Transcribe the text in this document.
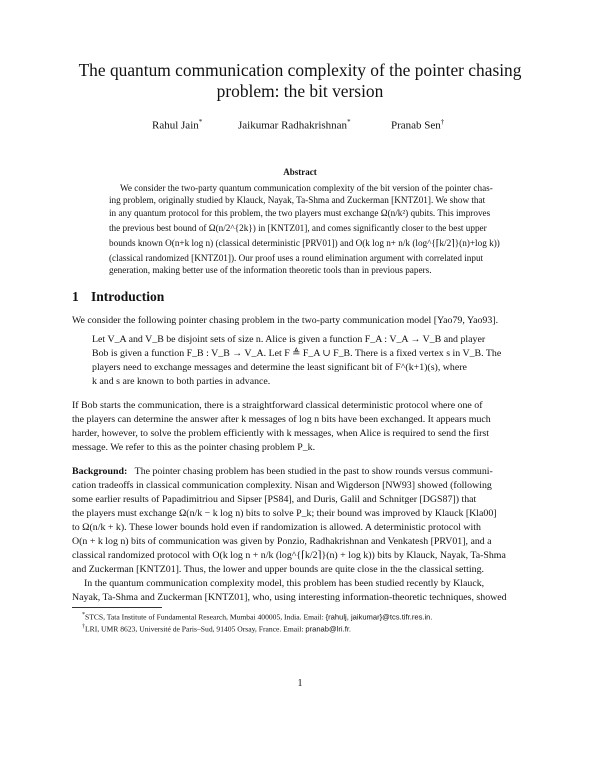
The quantum communication complexity of the pointer chasing
problem: the bit version
Rahul Jain*	Jaikumar Radhakrishnan*	Pranab Sen†
Abstract
We consider the two-party quantum communication complexity of the bit version of the pointer chas-
ing problem, originally studied by Klauck, Nayak, Ta-Shma and Zuckerman [KNTZ01]. We show that
in any quantum protocol for this problem, the two players must exchange Ω(n/k²) qubits. This improves
the previous best bound of Ω(n/2^{2k}) in [KNTZ01], and comes significantly closer to the best upper
bounds known O(n+k log n) (classical deterministic [PRV01]) and O(k log n+ n/k (log^{⌈k/2⌉}(n)+log k))
(classical randomized [KNTZ01]). Our proof uses a round elimination argument with correlated input
generation, making better use of the information theoretic tools than in previous papers.
1 Introduction
We consider the following pointer chasing problem in the two-party communication model [Yao79, Yao93].
Let V_A and V_B be disjoint sets of size n. Alice is given a function F_A : V_A → V_B and player
Bob is given a function F_B : V_B → V_A. Let F ≜ F_A ∪ F_B. There is a fixed vertex s in V_B. The
players need to exchange messages and determine the least significant bit of F^(k+1)(s), where
k and s are known to both parties in advance.
If Bob starts the communication, there is a straightforward classical deterministic protocol where one of
the players can determine the answer after k messages of log n bits have been exchanged. It appears much
harder, however, to solve the problem efficiently with k messages, when Alice is required to send the first
message. We refer to this as the pointer chasing problem P_k.
Background: The pointer chasing problem has been studied in the past to show rounds versus communi-
cation tradeoffs in classical communication complexity. Nisan and Wigderson [NW93] showed (following
some earlier results of Papadimitriou and Sipser [PS84], and Duris, Galil and Schnitger [DGS87]) that
the players must exchange Ω(n/k − k log n) bits to solve P_k; their bound was improved by Klauck [Kla00]
to Ω(n/k + k). These lower bounds hold even if randomization is allowed. A deterministic protocol with
O(n + k log n) bits of communication was given by Ponzio, Radhakrishnan and Venkatesh [PRV01], and a
classical randomized protocol with O(k log n + n/k (log^{⌈k/2⌉}(n) + log k)) bits by Klauck, Nayak, Ta-Shma
and Zuckerman [KNTZ01]. Thus, the lower and upper bounds are quite close in the the classical setting.
In the quantum communication complexity model, this problem has been studied recently by Klauck,
Nayak, Ta-Shma and Zuckerman [KNTZ01], who, using interesting information-theoretic techniques, showed
*STCS, Tata Institute of Fundamental Research, Mumbai 400005, India. Email: {rahulj, jaikumar}@tcs.tifr.res.in.
†LRI, UMR 8623, Université de Paris–Sud, 91405 Orsay, France. Email: pranab@lri.fr.
1
